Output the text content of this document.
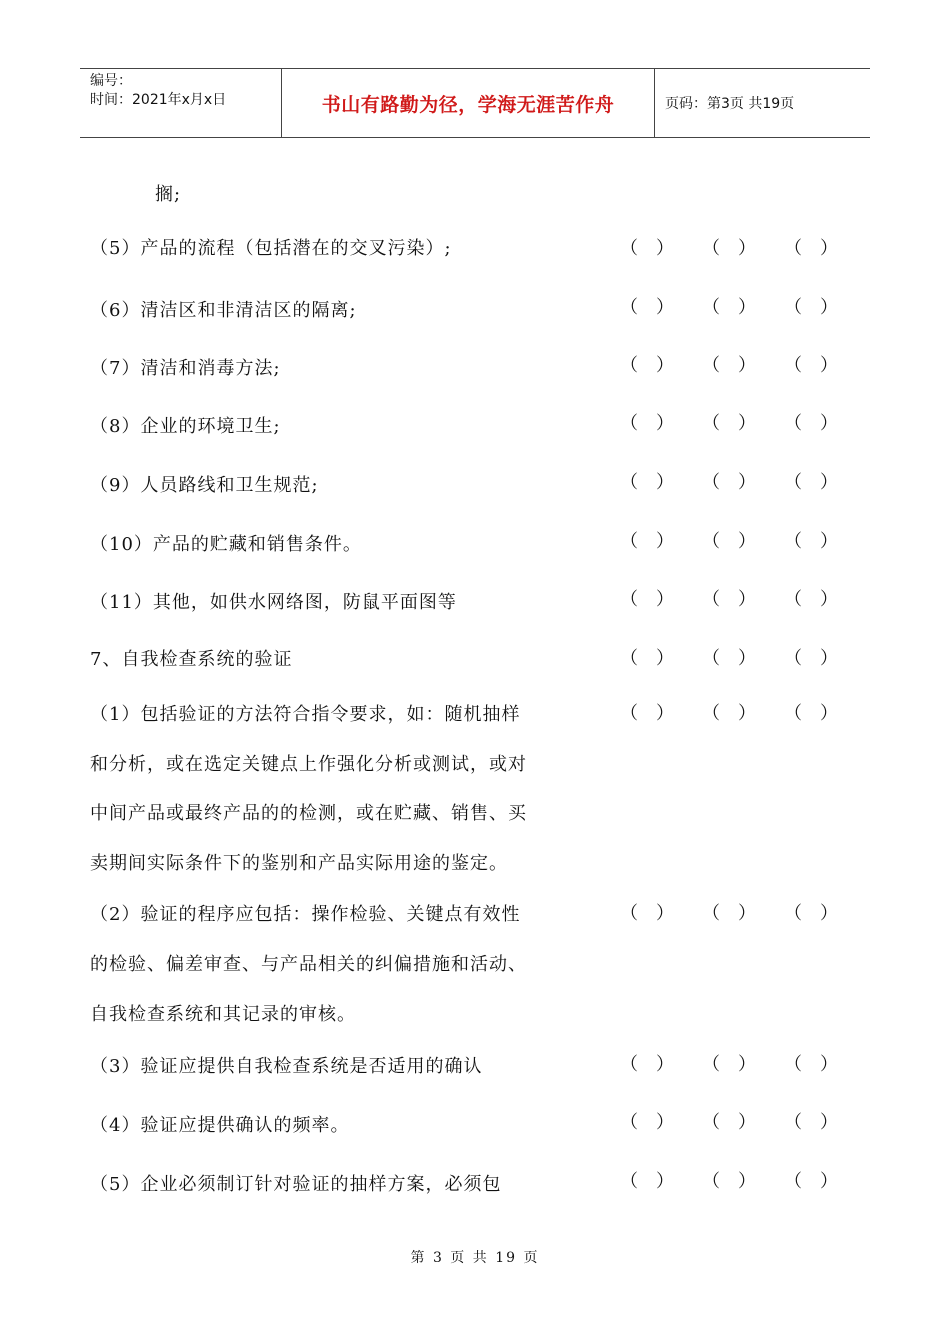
编号：
时间：2021年x月x日	书山有路勤为径，学海无涯苦作舟	页码：第3页 共19页
搁;
（5）产品的流程（包括潜在的交叉污染）;
（6）清洁区和非清洁区的隔离;
（7）清洁和消毒方法;
（8）企业的环境卫生;
（9）人员路线和卫生规范;
（10）产品的贮藏和销售条件。
（11）其他，如供水网络图，防鼠平面图等
7、自我检查系统的验证
（1）包括验证的方法符合指令要求，如：随机抽样
和分析，或在选定关键点上作强化分析或测试，或对
中间产品或最终产品的的检测，或在贮藏、销售、买
卖期间实际条件下的鉴别和产品实际用途的鉴定。
（2）验证的程序应包括：操作检验、关键点有效性
的检验、偏差审查、与产品相关的纠偏措施和活动、
自我检查系统和其记录的审核。
（3）验证应提供自我检查系统是否适用的确认
（4）验证应提供确认的频率。
（5）企业必须制订针对验证的抽样方案，必须包
（　） （　） （　）
（　） （　） （　）
（　） （　） （　）
（　） （　） （　）
（　） （　） （　）
（　） （　） （　）
（　） （　） （　）
（　） （　） （　）
（　） （　） （　）
（　） （　） （　）
（　） （　） （　）
（　） （　） （　）
（　） （　） （　）
第 3 页 共 19 页
